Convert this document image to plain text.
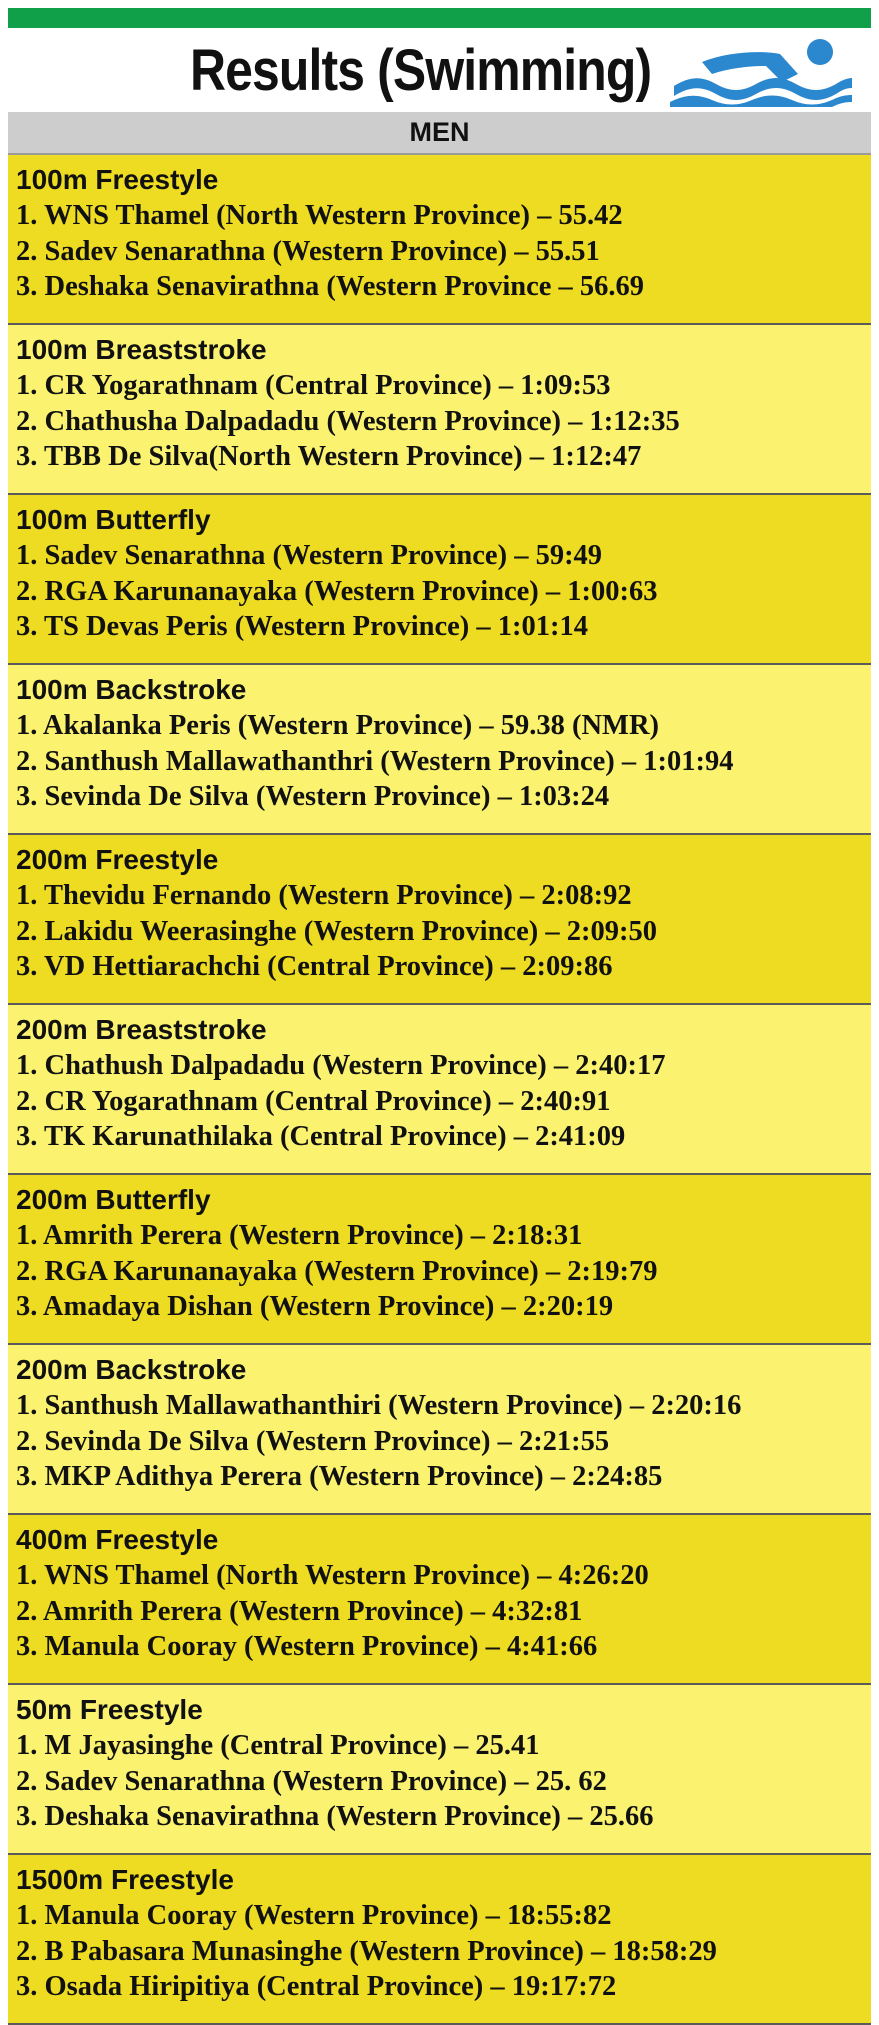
Results (Swimming)
MEN
100m Freestyle
1. WNS Thamel (North Western Province) – 55.42
2. Sadev Senarathna (Western Province) – 55.51
3. Deshaka Senavirathna (Western Province – 56.69
100m Breaststroke
1. CR Yogarathnam (Central Province) – 1:09:53
2. Chathusha Dalpadadu (Western Province) – 1:12:35
3. TBB De Silva(North Western Province) – 1:12:47
100m Butterfly
1. Sadev Senarathna (Western Province) – 59:49
2. RGA Karunanayaka (Western Province) – 1:00:63
3. TS Devas Peris (Western Province) – 1:01:14
100m Backstroke
1. Akalanka Peris (Western Province) – 59.38 (NMR)
2. Santhush Mallawathanthri (Western Province) – 1:01:94
3. Sevinda De Silva (Western Province) – 1:03:24
200m Freestyle
1. Thevidu Fernando (Western Province) – 2:08:92
2. Lakidu Weerasinghe (Western Province) – 2:09:50
3. VD Hettiarachchi (Central Province) – 2:09:86
200m Breaststroke
1. Chathush Dalpadadu (Western Province) – 2:40:17
2. CR Yogarathnam (Central Province) – 2:40:91
3. TK Karunathilaka (Central Province) – 2:41:09
200m Butterfly
1. Amrith Perera (Western Province) – 2:18:31
2. RGA Karunanayaka (Western Province) – 2:19:79
3. Amadaya Dishan (Western Province) – 2:20:19
200m Backstroke
1. Santhush Mallawathanthiri (Western Province) – 2:20:16
2. Sevinda De Silva (Western Province) – 2:21:55
3. MKP Adithya Perera (Western Province) – 2:24:85
400m Freestyle
1. WNS Thamel (North Western Province) – 4:26:20
2. Amrith Perera (Western Province) – 4:32:81
3. Manula Cooray (Western Province) – 4:41:66
50m Freestyle
1. M Jayasinghe (Central Province) – 25.41
2. Sadev Senarathna (Western Province) – 25. 62
3. Deshaka Senavirathna (Western Province) – 25.66
1500m Freestyle
1. Manula Cooray (Western Province) – 18:55:82
2. B Pabasara Munasinghe (Western Province) – 18:58:29
3. Osada Hiripitiya (Central Province) – 19:17:72
